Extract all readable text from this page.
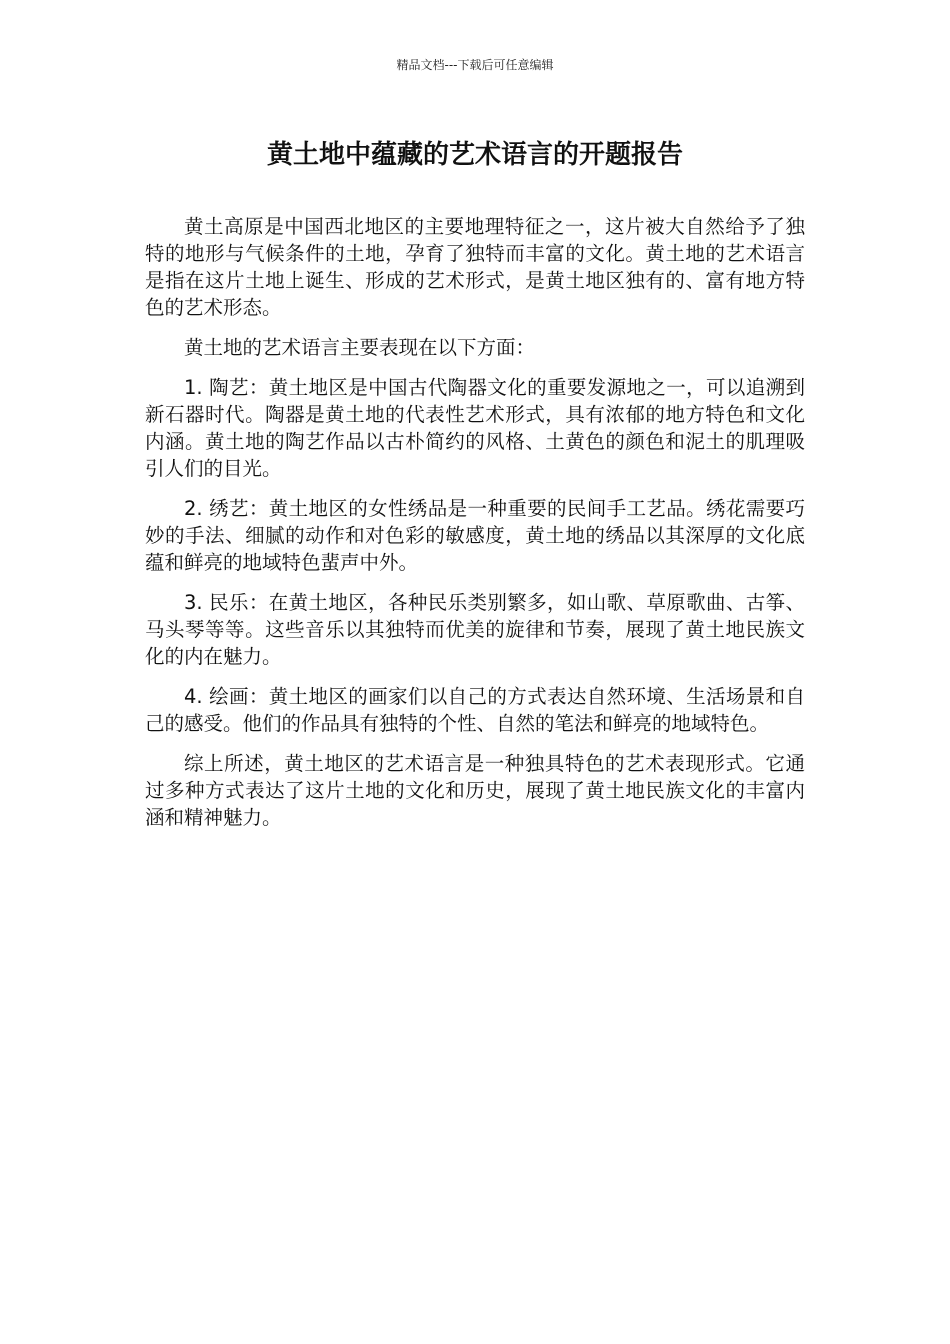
精品文档---下载后可任意编辑
黄土地中蕴藏的艺术语言的开题报告

黄土高原是中国西北地区的主要地理特征之一，这片被大自然给予了独特的地形与气候条件的土地，孕育了独特而丰富的文化。黄土地的艺术语言是指在这片土地上诞生、形成的艺术形式，是黄土地区独有的、富有地方特色的艺术形态。

黄土地的艺术语言主要表现在以下方面：

1. 陶艺：黄土地区是中国古代陶器文化的重要发源地之一，可以追溯到新石器时代。陶器是黄土地的代表性艺术形式，具有浓郁的地方特色和文化内涵。黄土地的陶艺作品以古朴简约的风格、土黄色的颜色和泥土的肌理吸引人们的目光。

2. 绣艺：黄土地区的女性绣品是一种重要的民间手工艺品。绣花需要巧妙的手法、细腻的动作和对色彩的敏感度，黄土地的绣品以其深厚的文化底蕴和鲜亮的地域特色蜚声中外。

3. 民乐：在黄土地区，各种民乐类别繁多，如山歌、草原歌曲、古筝、马头琴等等。这些音乐以其独特而优美的旋律和节奏，展现了黄土地民族文化的内在魅力。

4. 绘画：黄土地区的画家们以自己的方式表达自然环境、生活场景和自己的感受。他们的作品具有独特的个性、自然的笔法和鲜亮的地域特色。

综上所述，黄土地区的艺术语言是一种独具特色的艺术表现形式。它通过多种方式表达了这片土地的文化和历史，展现了黄土地民族文化的丰富内涵和精神魅力。
